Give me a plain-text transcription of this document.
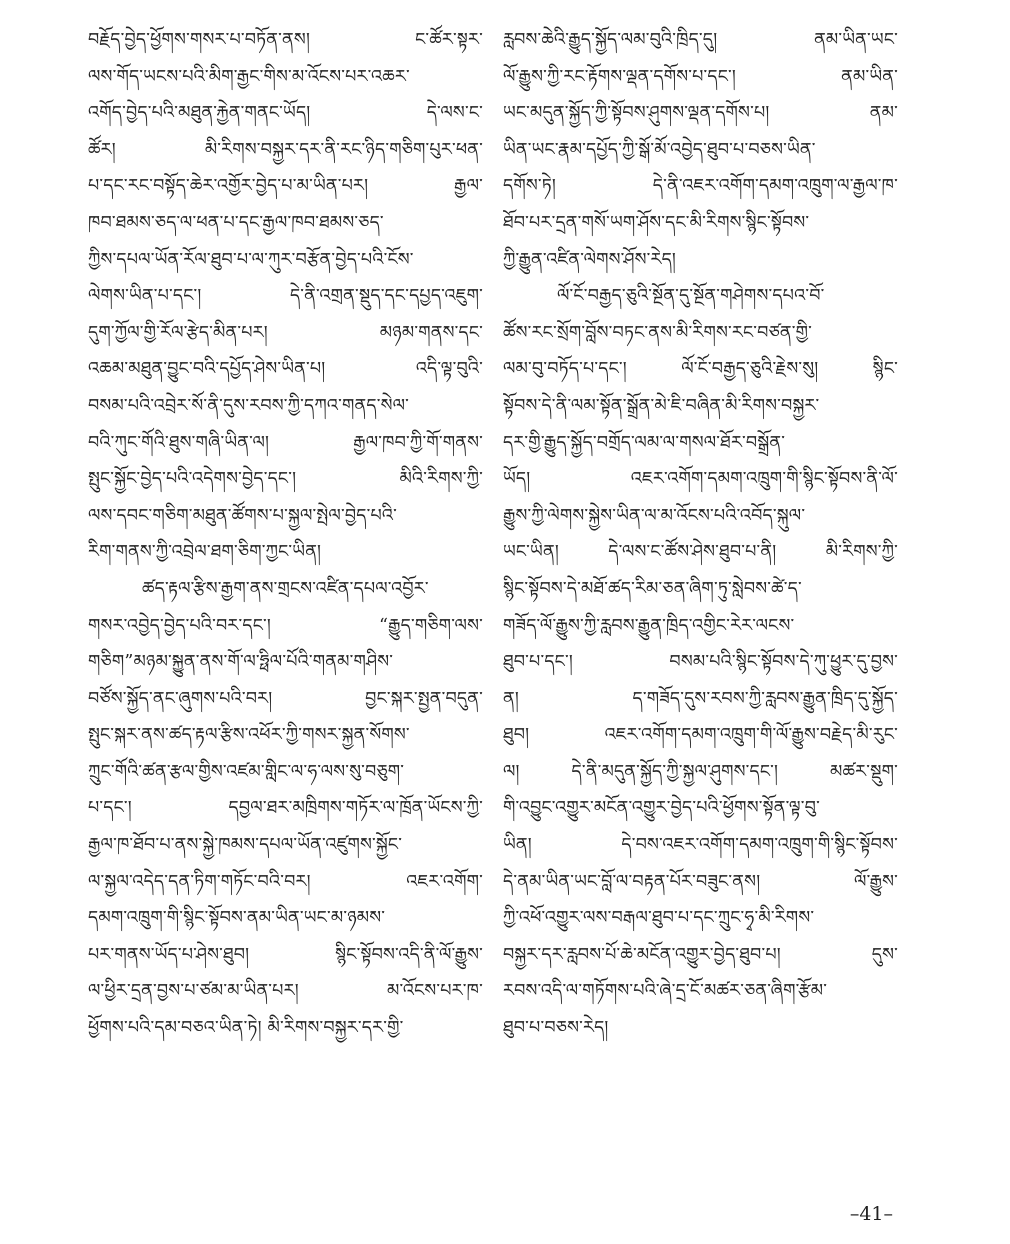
བརྗོད་བྱེད་ཕྱོགས་གསར་པ་བཏོན་ནས། ང་ཚོར་སྟར་
ལས་གོད་ཡངས་པའི་མིག་རྒྱང་གིས་མ་འོངས་པར་འཆར་
འགོད་བྱེད་པའི་མཐུན་རྐྱེན་གནང་ཡོད། དེ་ལས་ང་
ཚོར། མི་རིགས་བསྐྱར་དར་ནི་རང་ཉིད་གཅིག་པུར་ཕན་
པ་དང་རང་བསྟོད་ཆེར་འགྱོར་བྱེད་པ་མ་ཡིན་པར། རྒྱལ་
ཁབ་ཐམས་ཅད་ལ་ཕན་པ་དང་རྒྱལ་ཁབ་ཐམས་ཅད་
ཀྱིས་དཔལ་ཡོན་རོལ་ཐུབ་པ་ལ་ཀུར་བརྩོན་བྱེད་པའི་ངོས་
ལེགས་ཡིན་པ་དང་། དེ་ནི་འགྲན་སྡུད་དང་དཔྱད་འཇུག་
དུག་ཀྱོལ་གྱི་རོལ་རྩེད་མིན་པར། མཉམ་གནས་དང་
འཆམ་མཐུན་བྱུང་བའི་དཔྱོད་ཤེས་ཡིན་པ། འདི་ལྟ་བུའི་
བསམ་པའི་འབྲེར་སོ་ནི་དུས་རབས་ཀྱི་དཀའ་གནད་སེལ་
བའི་ཀུང་གོའི་ཐུས་གཞི་ཡིན་ལ། རྒྱལ་ཁབ་ཀྱི་གོ་གནས་
སྤུང་སྐྱོང་བྱེད་པའི་འདེགས་བྱེད་དང་། མིའི་རིགས་ཀྱི་
ལས་དབང་གཅིག་མཐུན་ཚོགས་པ་སྐྱལ་སྤེལ་བྱེད་པའི་
རིག་གནས་ཀྱི་འབྲེལ་ཐག་ཅིག་ཀྱང་ཡིན།
ཚད་རྟལ་རྩིས་རྒྱག་ནས་གྲངས་འཛིན་དཔལ་འབྱོར་
གསར་འབྱེད་བྱེད་པའི་བར་དང་། “རྒྱུད་གཅིག་ལས་
གཅིག”མཉམ་སྐྱུན་ནས་གོ་ལ་ཧྥིལ་པོའི་གནམ་གཤིས་
བཙོས་སྐྱོད་ནང་ཞུགས་པའི་བར། བྱང་སྐར་སྤྱན་བདུན་
སྤུང་སྐར་ནས་ཚད་རྟལ་རྩིས་འཕོར་ཀྱི་གསར་སྐྱན་སོགས་
ཀྲུང་གོའི་ཚན་རྩལ་གྱིས་འཛམ་གླིང་ལ་ཧ་ལས་སུ་བཅུག་
པ་དང་། དབྱལ་ཐར་མཁྲིགས་གཏོར་ལ་ཁྲོན་ཡོངས་ཀྱི་
རྒྱལ་ཁ་ཐོབ་པ་ནས་སྐྱེ་ཁམས་དཔལ་ཡོན་འཛུགས་སྐྱོང་
ལ་སྐྱལ་འདེད་དན་ཏིག་གཏོང་བའི་བར། འཇར་འགོག་
དམག་འཁྲུག་གི་སྙིང་སྟོབས་ནམ་ཡིན་ཡང་མ་ཉམས་
པར་གནས་ཡོད་པ་ཤེས་ཐུབ། སྙིང་སྟོབས་འདི་ནི་ལོ་རྒྱུས་
ལ་ཕྱིར་དྲན་བྱས་པ་ཙམ་མ་ཡིན་པར། མ་འོངས་པར་ཁ་
ཕྱོགས་པའི་དམ་བཅའ་ཡིན་ཏེ། མི་རིགས་བསྐྱར་དར་གྱི་
རླབས་ཆེའི་རྒྱུད་སྐྱོད་ལམ་བུའི་ཁྲིད་དུ། ནམ་ཡིན་ཡང་
ལོ་རྒྱུས་ཀྱི་རང་རྟོགས་ལྡན་དགོས་པ་དང་། ནམ་ཡིན་
ཡང་མདུན་སྐྱོད་ཀྱི་སྟོབས་ཤུགས་ལྡན་དགོས་པ། ནམ་
ཡིན་ཡང་རྣམ་དཔྱོད་ཀྱི་སྒོ་མོ་འབྱེད་ཐུབ་པ་བཅས་ཡིན་
དགོས་ཏེ། དེ་ནི་འཇར་འགོག་དམག་འཁྲུག་ལ་རྒྱལ་ཁ་
ཐོབ་པར་དྲན་གསོ་ཡག་ཤོས་དང་མི་རིགས་སྙིང་སྟོབས་
ཀྱི་རྒྱུན་འཛིན་ལེགས་ཤོས་རེད།
ལོ་ངོ་བརྒྱད་ཅུའི་སྔོན་དུ་སྔོན་གཤེགས་དཔའ་བོ་
ཚོས་རང་སྲོག་བློས་བཏང་ནས་མི་རིགས་རང་བཙན་གྱི་
ལམ་བུ་བཏོད་པ་དང་། ལོ་ངོ་བརྒྱད་ཅུའི་རྗེས་སུ། སྙིང་
སྟོབས་དེ་ནི་ལམ་སྟོན་སྒྲོན་མེ་ཇི་བཞིན་མི་རིགས་བསྐྱར་
དར་གྱི་རྒྱུད་སྐྱོད་བགྲོད་ལམ་ལ་གསལ་ཐོར་བསྒྲོན་
ཡོད། འཇར་འགོག་དམག་འཁྲུག་གི་སྙིང་སྟོབས་ནི་ལོ་
རྒྱུས་ཀྱི་ལེགས་སྐྱེས་ཡིན་ལ་མ་འོངས་པའི་འབོད་སྐུལ་
ཡང་ཡིན། དེ་ལས་ང་ཚོས་ཤེས་ཐུབ་པ་ནི། མི་རིགས་ཀྱི་
སྙིང་སྟོབས་དེ་མཐོ་ཚད་རིམ་ཅན་ཞིག་ཏུ་སླེབས་ཚེ་ད་
གཟོད་ལོ་རྒྱུས་ཀྱི་རླབས་རྒྱུན་ཁྲིད་འགྱིང་རེར་ལངས་
ཐུབ་པ་དང་། བསམ་པའི་སྙིང་སྟོབས་དེ་ཀུ་ཕྱུར་དུ་བྱས་
ན། ད་གཟོད་དུས་རབས་ཀྱི་རླབས་རྒྱུན་ཁྲིད་དུ་སྐྱོད་
ཐུབ། འཇར་འགོག་དམག་འཁྲུག་གི་ལོ་རྒྱུས་བརྗེད་མི་རུང་
ལ། དེ་ནི་མདུན་སྐྱོད་ཀྱི་སྐྱལ་ཤུགས་དང་། མཚར་སྡུག་
གི་འབྱུང་འགྱུར་མངོན་འགྱུར་བྱེད་པའི་ཕྱོགས་སྟོན་ལྟ་བུ་
ཡིན། དེ་བས་འཇར་འགོག་དམག་འཁྲུག་གི་སྙིང་སྟོབས་
དེ་ནམ་ཡིན་ཡང་བློ་ལ་བརྟན་པོར་བཟུང་ནས། ལོ་རྒྱུས་
ཀྱི་འཕོ་འགྱུར་ལས་བརྒལ་ཐུབ་པ་དང་ཀྲུང་ཧྭ་མི་རིགས་
བསྐྱར་དར་རླབས་པོ་ཆེ་མངོན་འགྱུར་བྱེད་ཐུབ་པ། དུས་
རབས་འདི་ལ་གཏོགས་པའི་ཞེ་དྲ་ངོ་མཚར་ཅན་ཞིག་རྩོམ་
ཐུབ་པ་བཅས་རེད།
–41–
